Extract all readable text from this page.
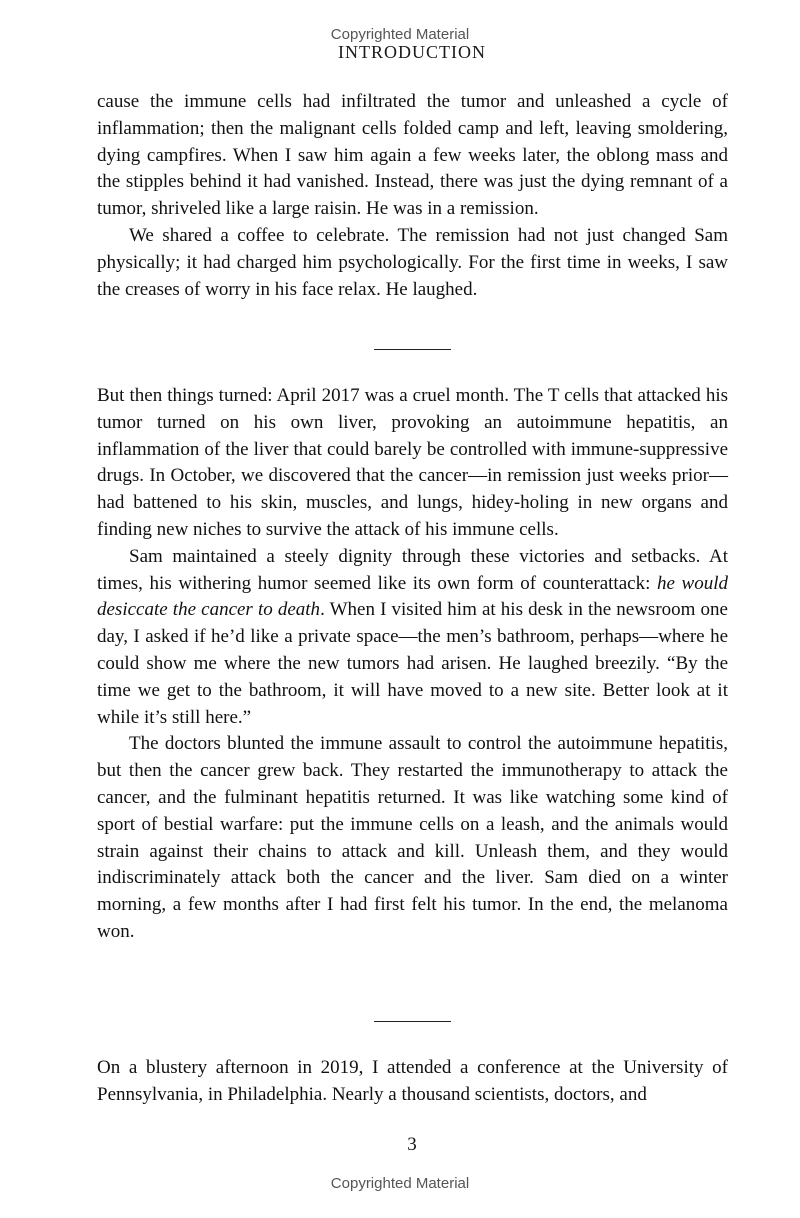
Copyrighted Material
INTRODUCTION

cause the immune cells had infiltrated the tumor and unleashed a cycle of inflammation; then the malignant cells folded camp and left, leaving smoldering, dying campfires. When I saw him again a few weeks later, the oblong mass and the stipples behind it had vanished. Instead, there was just the dying remnant of a tumor, shriveled like a large raisin. He was in a remission.

We shared a coffee to celebrate. The remission had not just changed Sam physically; it had charged him psychologically. For the first time in weeks, I saw the creases of worry in his face relax. He laughed.

But then things turned: April 2017 was a cruel month. The T cells that attacked his tumor turned on his own liver, provoking an autoimmune hepatitis, an inflammation of the liver that could barely be controlled with immune-suppressive drugs. In October, we discovered that the cancer—in remission just weeks prior—had battened to his skin, muscles, and lungs, hidey-holing in new organs and finding new niches to survive the attack of his immune cells.

Sam maintained a steely dignity through these victories and setbacks. At times, his withering humor seemed like its own form of counterattack: he would desiccate the cancer to death. When I visited him at his desk in the newsroom one day, I asked if he’d like a private space—the men’s bathroom, perhaps—where he could show me where the new tumors had arisen. He laughed breezily. “By the time we get to the bathroom, it will have moved to a new site. Better look at it while it’s still here.”

The doctors blunted the immune assault to control the autoimmune hepatitis, but then the cancer grew back. They restarted the immunotherapy to attack the cancer, and the fulminant hepatitis returned. It was like watching some kind of sport of bestial warfare: put the immune cells on a leash, and the animals would strain against their chains to attack and kill. Unleash them, and they would indiscriminately attack both the cancer and the liver. Sam died on a winter morning, a few months after I had first felt his tumor. In the end, the melanoma won.

On a blustery afternoon in 2019, I attended a conference at the University of Pennsylvania, in Philadelphia. Nearly a thousand scientists, doctors, and

3
Copyrighted Material
